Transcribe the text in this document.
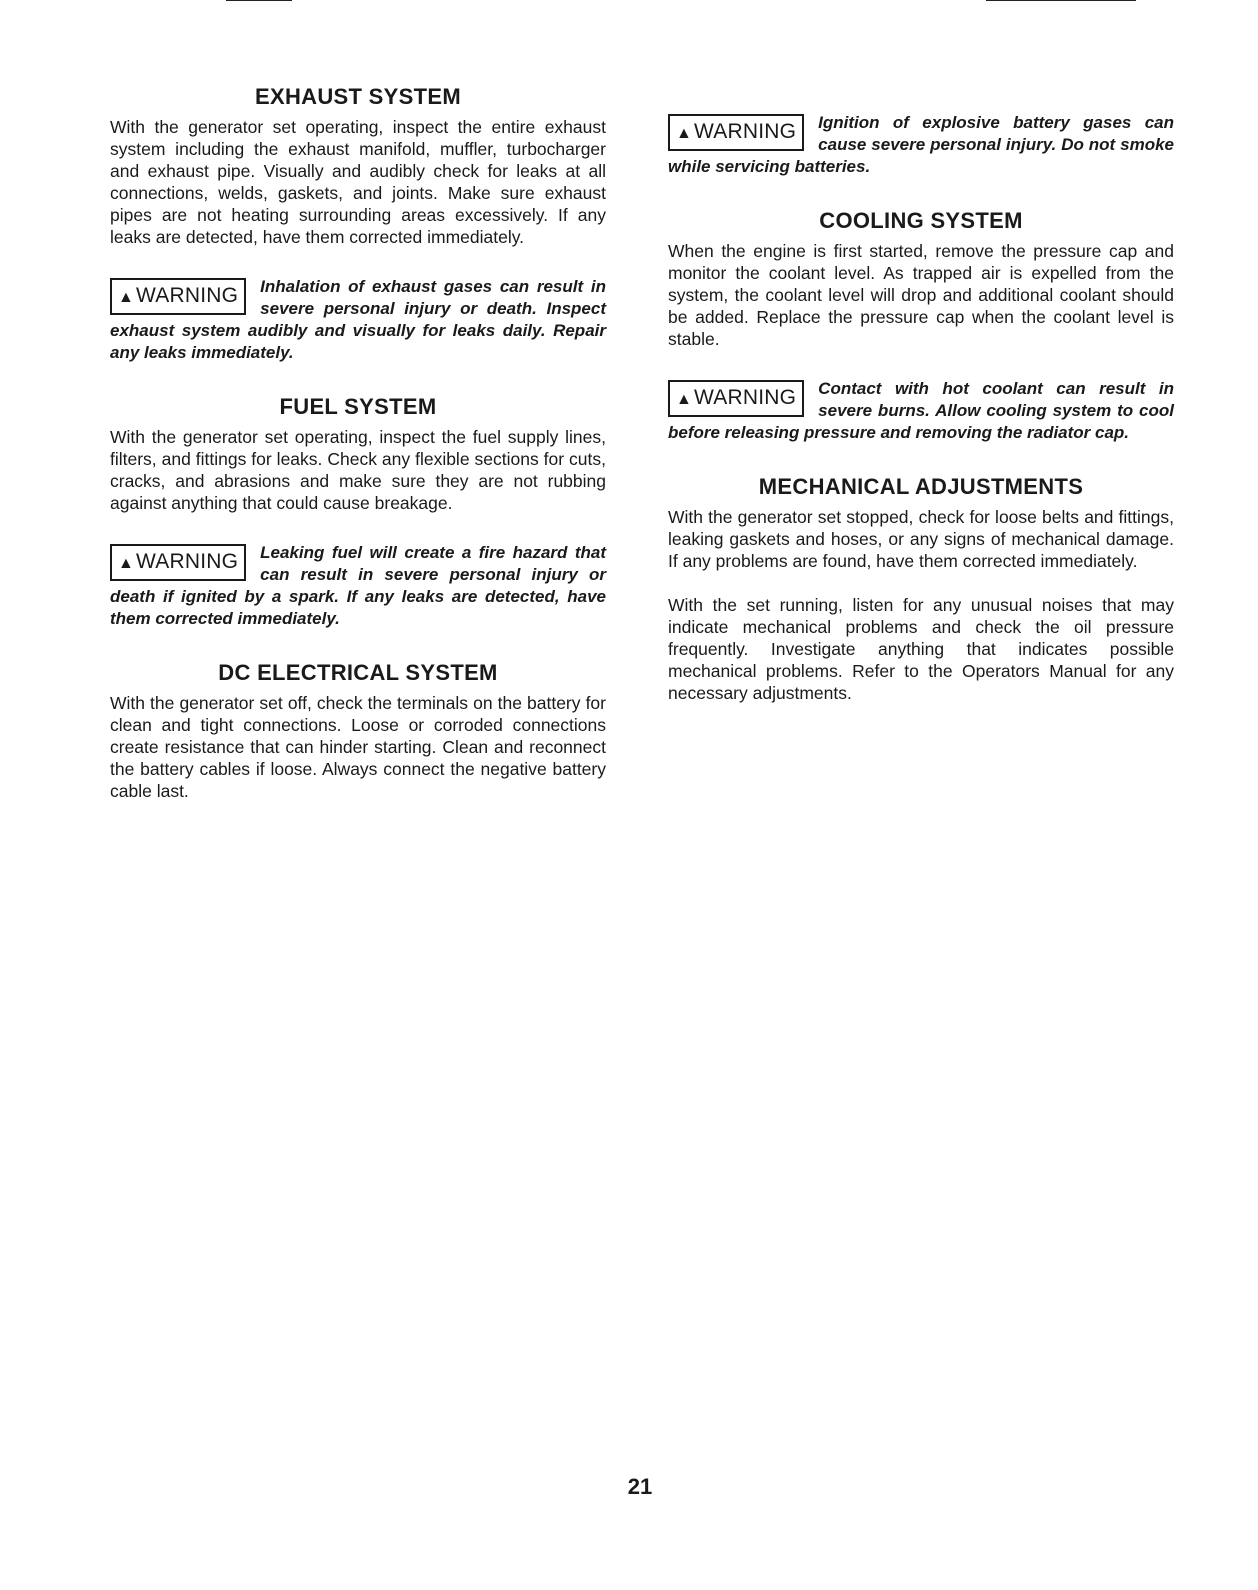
EXHAUST SYSTEM

With the generator set operating, inspect the entire exhaust system including the exhaust manifold, muffler, turbocharger and exhaust pipe. Visually and audibly check for leaks at all connections, welds, gaskets, and joints. Make sure exhaust pipes are not heating surrounding areas excessively. If any leaks are detected, have them corrected immediately.

▲WARNING	Inhalation of exhaust gases can result in severe personal injury or death. Inspect exhaust system audibly and visually for leaks daily. Repair any leaks immediately.

FUEL SYSTEM

With the generator set operating, inspect the fuel supply lines, filters, and fittings for leaks. Check any flexible sections for cuts, cracks, and abrasions and make sure they are not rubbing against anything that could cause breakage.

▲WARNING	Leaking fuel will create a fire hazard that can result in severe personal injury or death if ignited by a spark. If any leaks are detected, have them corrected immediately.

DC ELECTRICAL SYSTEM

With the generator set off, check the terminals on the battery for clean and tight connections. Loose or corroded connections create resistance that can hinder starting. Clean and reconnect the battery cables if loose. Always connect the negative battery cable last.

▲WARNING	Ignition of explosive battery gases can cause severe personal injury. Do not smoke while servicing batteries.

COOLING SYSTEM

When the engine is first started, remove the pressure cap and monitor the coolant level. As trapped air is expelled from the system, the coolant level will drop and additional coolant should be added. Replace the pressure cap when the coolant level is stable.

▲WARNING	Contact with hot coolant can result in severe burns. Allow cooling system to cool before releasing pressure and removing the radiator cap.

MECHANICAL ADJUSTMENTS

With the generator set stopped, check for loose belts and fittings, leaking gaskets and hoses, or any signs of mechanical damage. If any problems are found, have them corrected immediately.

With the set running, listen for any unusual noises that may indicate mechanical problems and check the oil pressure frequently. Investigate anything that indicates possible mechanical problems. Refer to the Operators Manual for any necessary adjustments.

21
